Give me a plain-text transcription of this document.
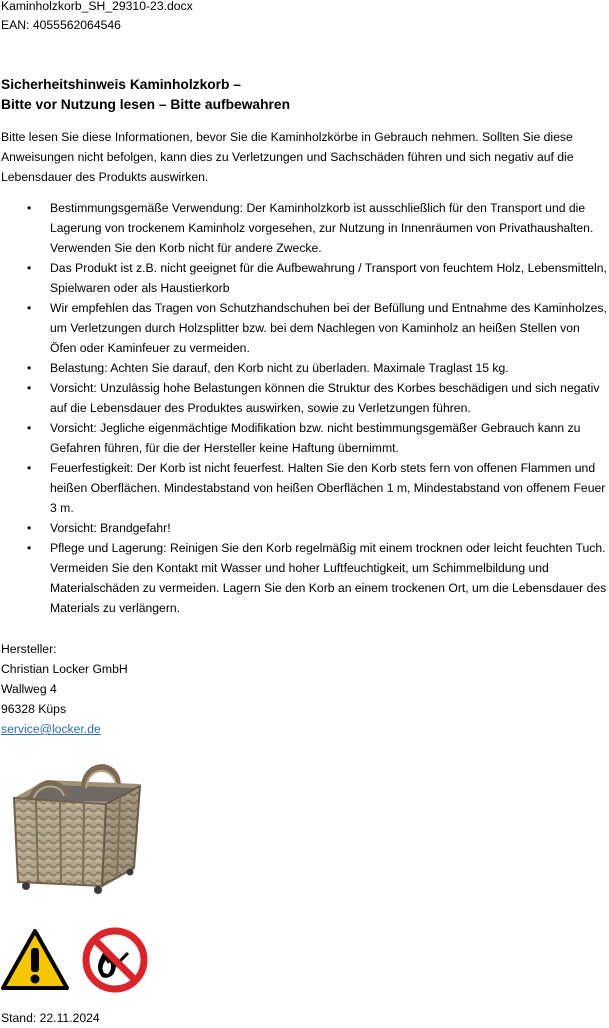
Kaminholzkorb_SH_29310-23.docx
EAN: 4055562064546
Sicherheitshinweis Kaminholzkorb –
Bitte vor Nutzung lesen – Bitte aufbewahren
Bitte lesen Sie diese Informationen, bevor Sie die Kaminholzkörbe in Gebrauch nehmen. Sollten Sie diese Anweisungen nicht befolgen, kann dies zu Verletzungen und Sachschäden führen und sich negativ auf die Lebensdauer des Produkts auswirken.
• Bestimmungsgemäße Verwendung: Der Kaminholzkorb ist ausschließlich für den Transport und die Lagerung von trockenem Kaminholz vorgesehen, zur Nutzung in Innenräumen von Privathaushalten. Verwenden Sie den Korb nicht für andere Zwecke.
• Das Produkt ist z.B. nicht geeignet für die Aufbewahrung / Transport von feuchtem Holz, Lebensmitteln, Spielwaren oder als Haustierkorb
• Wir empfehlen das Tragen von Schutzhandschuhen bei der Befüllung und Entnahme des Kaminholzes, um Verletzungen durch Holzsplitter bzw. bei dem Nachlegen von Kaminholz an heißen Stellen von Öfen oder Kaminfeuer zu vermeiden.
• Belastung: Achten Sie darauf, den Korb nicht zu überladen. Maximale Traglast 15 kg.
• Vorsicht: Unzulässig hohe Belastungen können die Struktur des Korbes beschädigen und sich negativ auf die Lebensdauer des Produktes auswirken, sowie zu Verletzungen führen.
• Vorsicht: Jegliche eigenmächtige Modifikation bzw. nicht bestimmungsgemäßer Gebrauch kann zu Gefahren führen, für die der Hersteller keine Haftung übernimmt.
• Feuerfestigkeit: Der Korb ist nicht feuerfest. Halten Sie den Korb stets fern von offenen Flammen und heißen Oberflächen. Mindestabstand von heißen Oberflächen 1 m, Mindestabstand von offenem Feuer 3 m.
• Vorsicht: Brandgefahr!
• Pflege und Lagerung: Reinigen Sie den Korb regelmäßig mit einem trocknen oder leicht feuchten Tuch. Vermeiden Sie den Kontakt mit Wasser und hoher Luftfeuchtigkeit, um Schimmelbildung und Materialschäden zu vermeiden. Lagern Sie den Korb an einem trockenen Ort, um die Lebensdauer des Materials zu verlängern.
Hersteller:
Christian Locker GmbH
Wallweg 4
96328 Küps
service@locker.de
Stand: 22.11.2024
